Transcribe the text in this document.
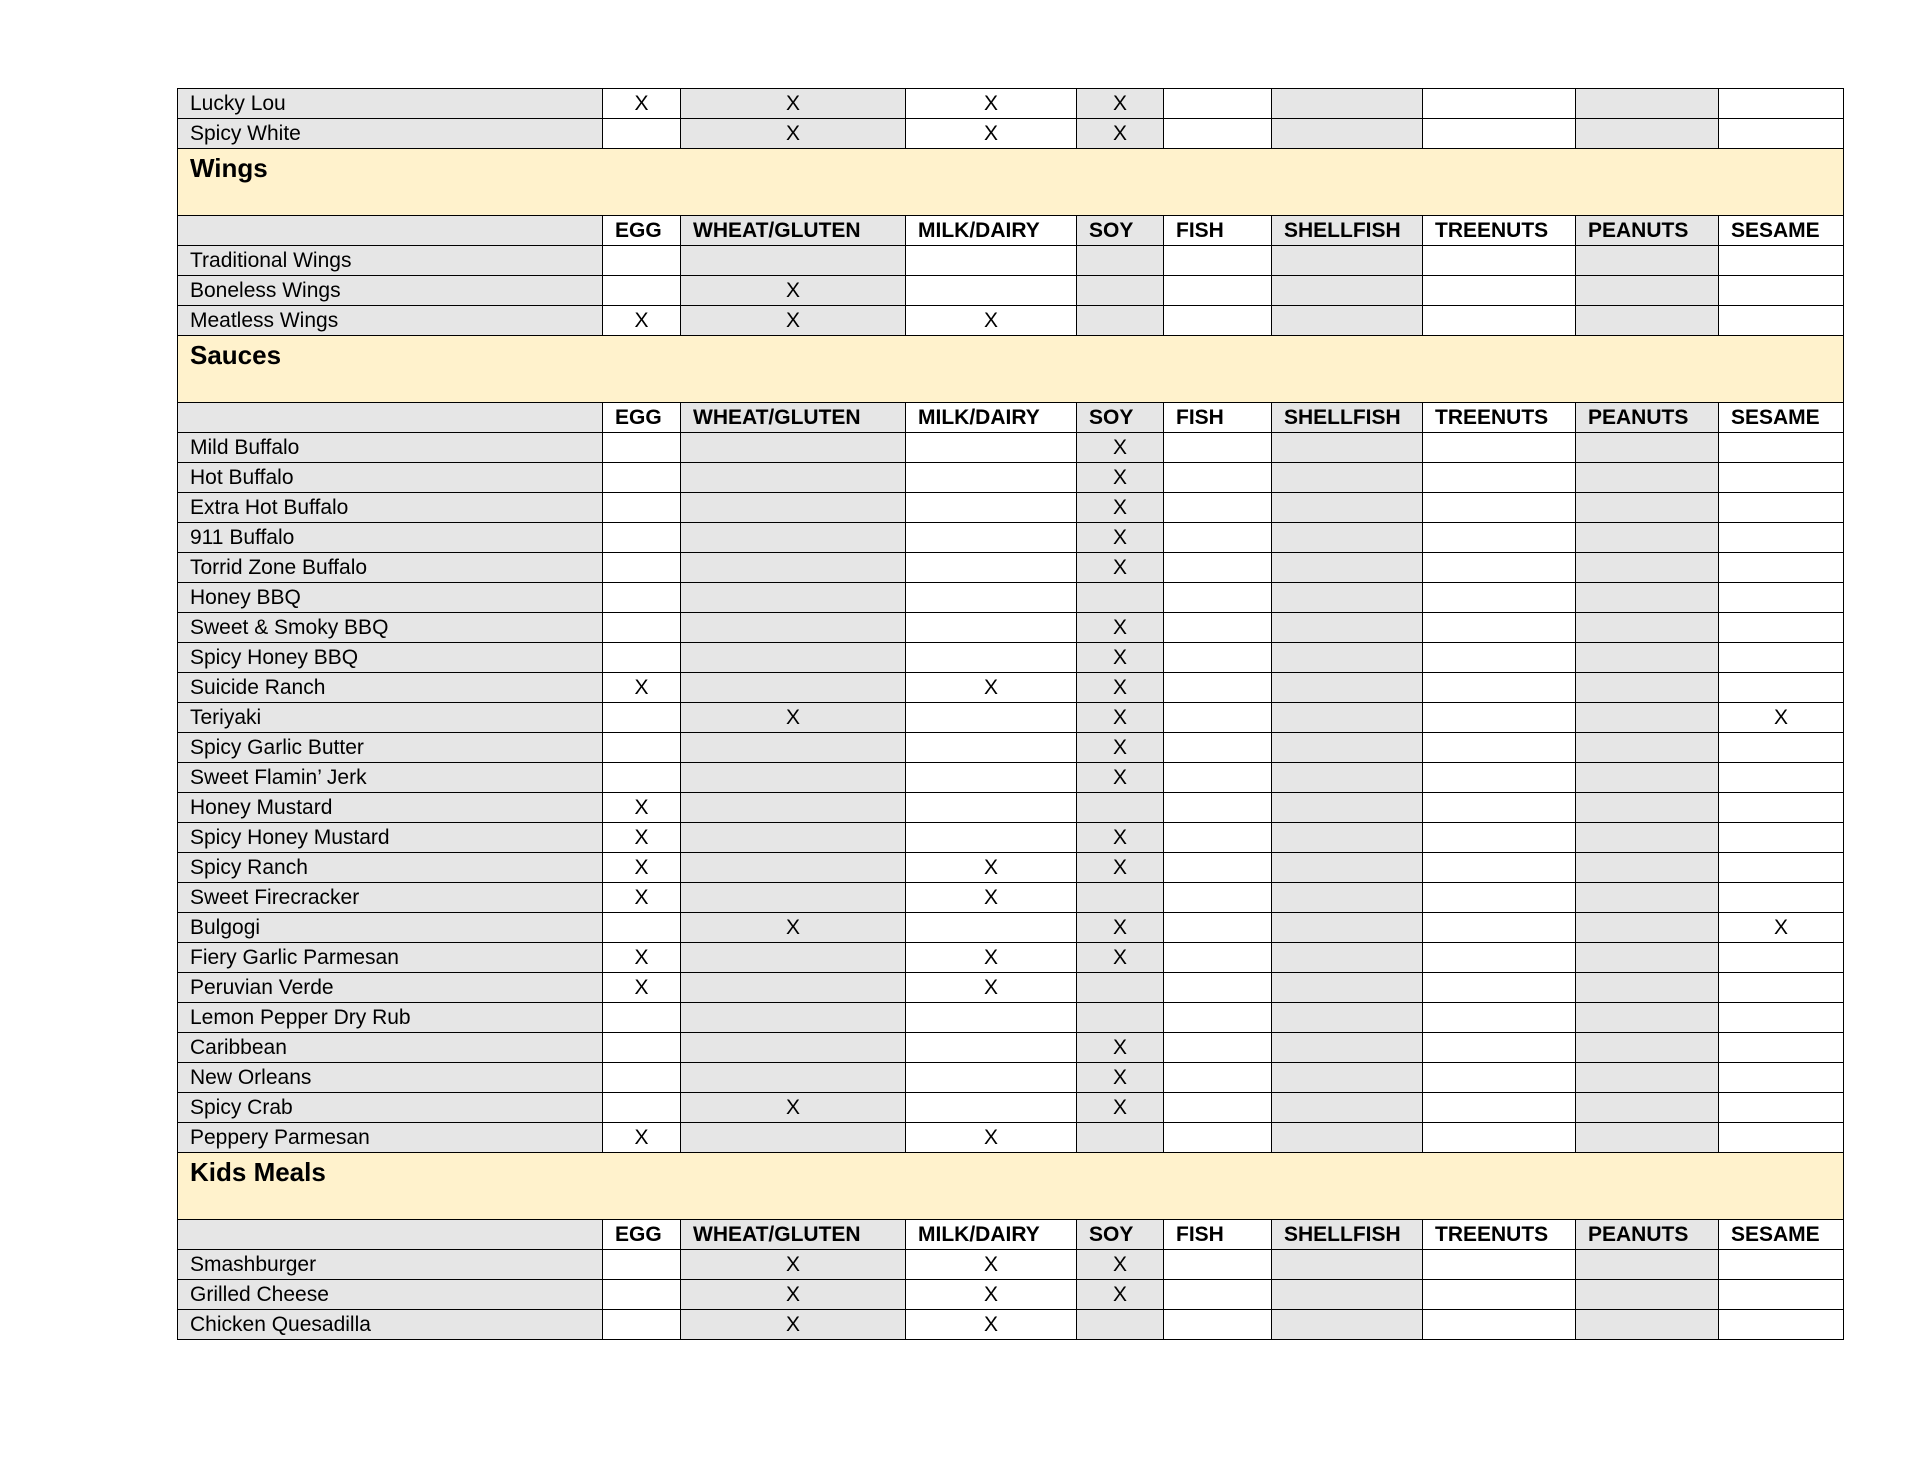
Lucky Lou	X	X	X	X					
Spicy White		X	X	X					
Wings									
	EGG	WHEAT/GLUTEN	MILK/DAIRY	SOY	FISH	SHELLFISH	TREENUTS	PEANUTS	SESAME
Traditional Wings									
Boneless Wings		X							
Meatless Wings	X	X	X						
Sauces									
	EGG	WHEAT/GLUTEN	MILK/DAIRY	SOY	FISH	SHELLFISH	TREENUTS	PEANUTS	SESAME
Mild Buffalo				X					
Hot Buffalo				X					
Extra Hot Buffalo				X					
911 Buffalo				X					
Torrid Zone Buffalo				X					
Honey BBQ									
Sweet & Smoky BBQ				X					
Spicy Honey BBQ				X					
Suicide Ranch	X		X	X					
Teriyaki		X		X					X
Spicy Garlic Butter				X					
Sweet Flamin’ Jerk				X					
Honey Mustard	X								
Spicy Honey Mustard	X			X					
Spicy Ranch	X		X	X					
Sweet Firecracker	X		X						
Bulgogi		X		X					X
Fiery Garlic Parmesan	X		X	X					
Peruvian Verde	X		X						
Lemon Pepper Dry Rub									
Caribbean				X					
New Orleans				X					
Spicy Crab		X		X					
Peppery Parmesan	X		X						
Kids Meals									
	EGG	WHEAT/GLUTEN	MILK/DAIRY	SOY	FISH	SHELLFISH	TREENUTS	PEANUTS	SESAME
Smashburger		X	X	X					
Grilled Cheese		X	X	X					
Chicken Quesadilla		X	X						
